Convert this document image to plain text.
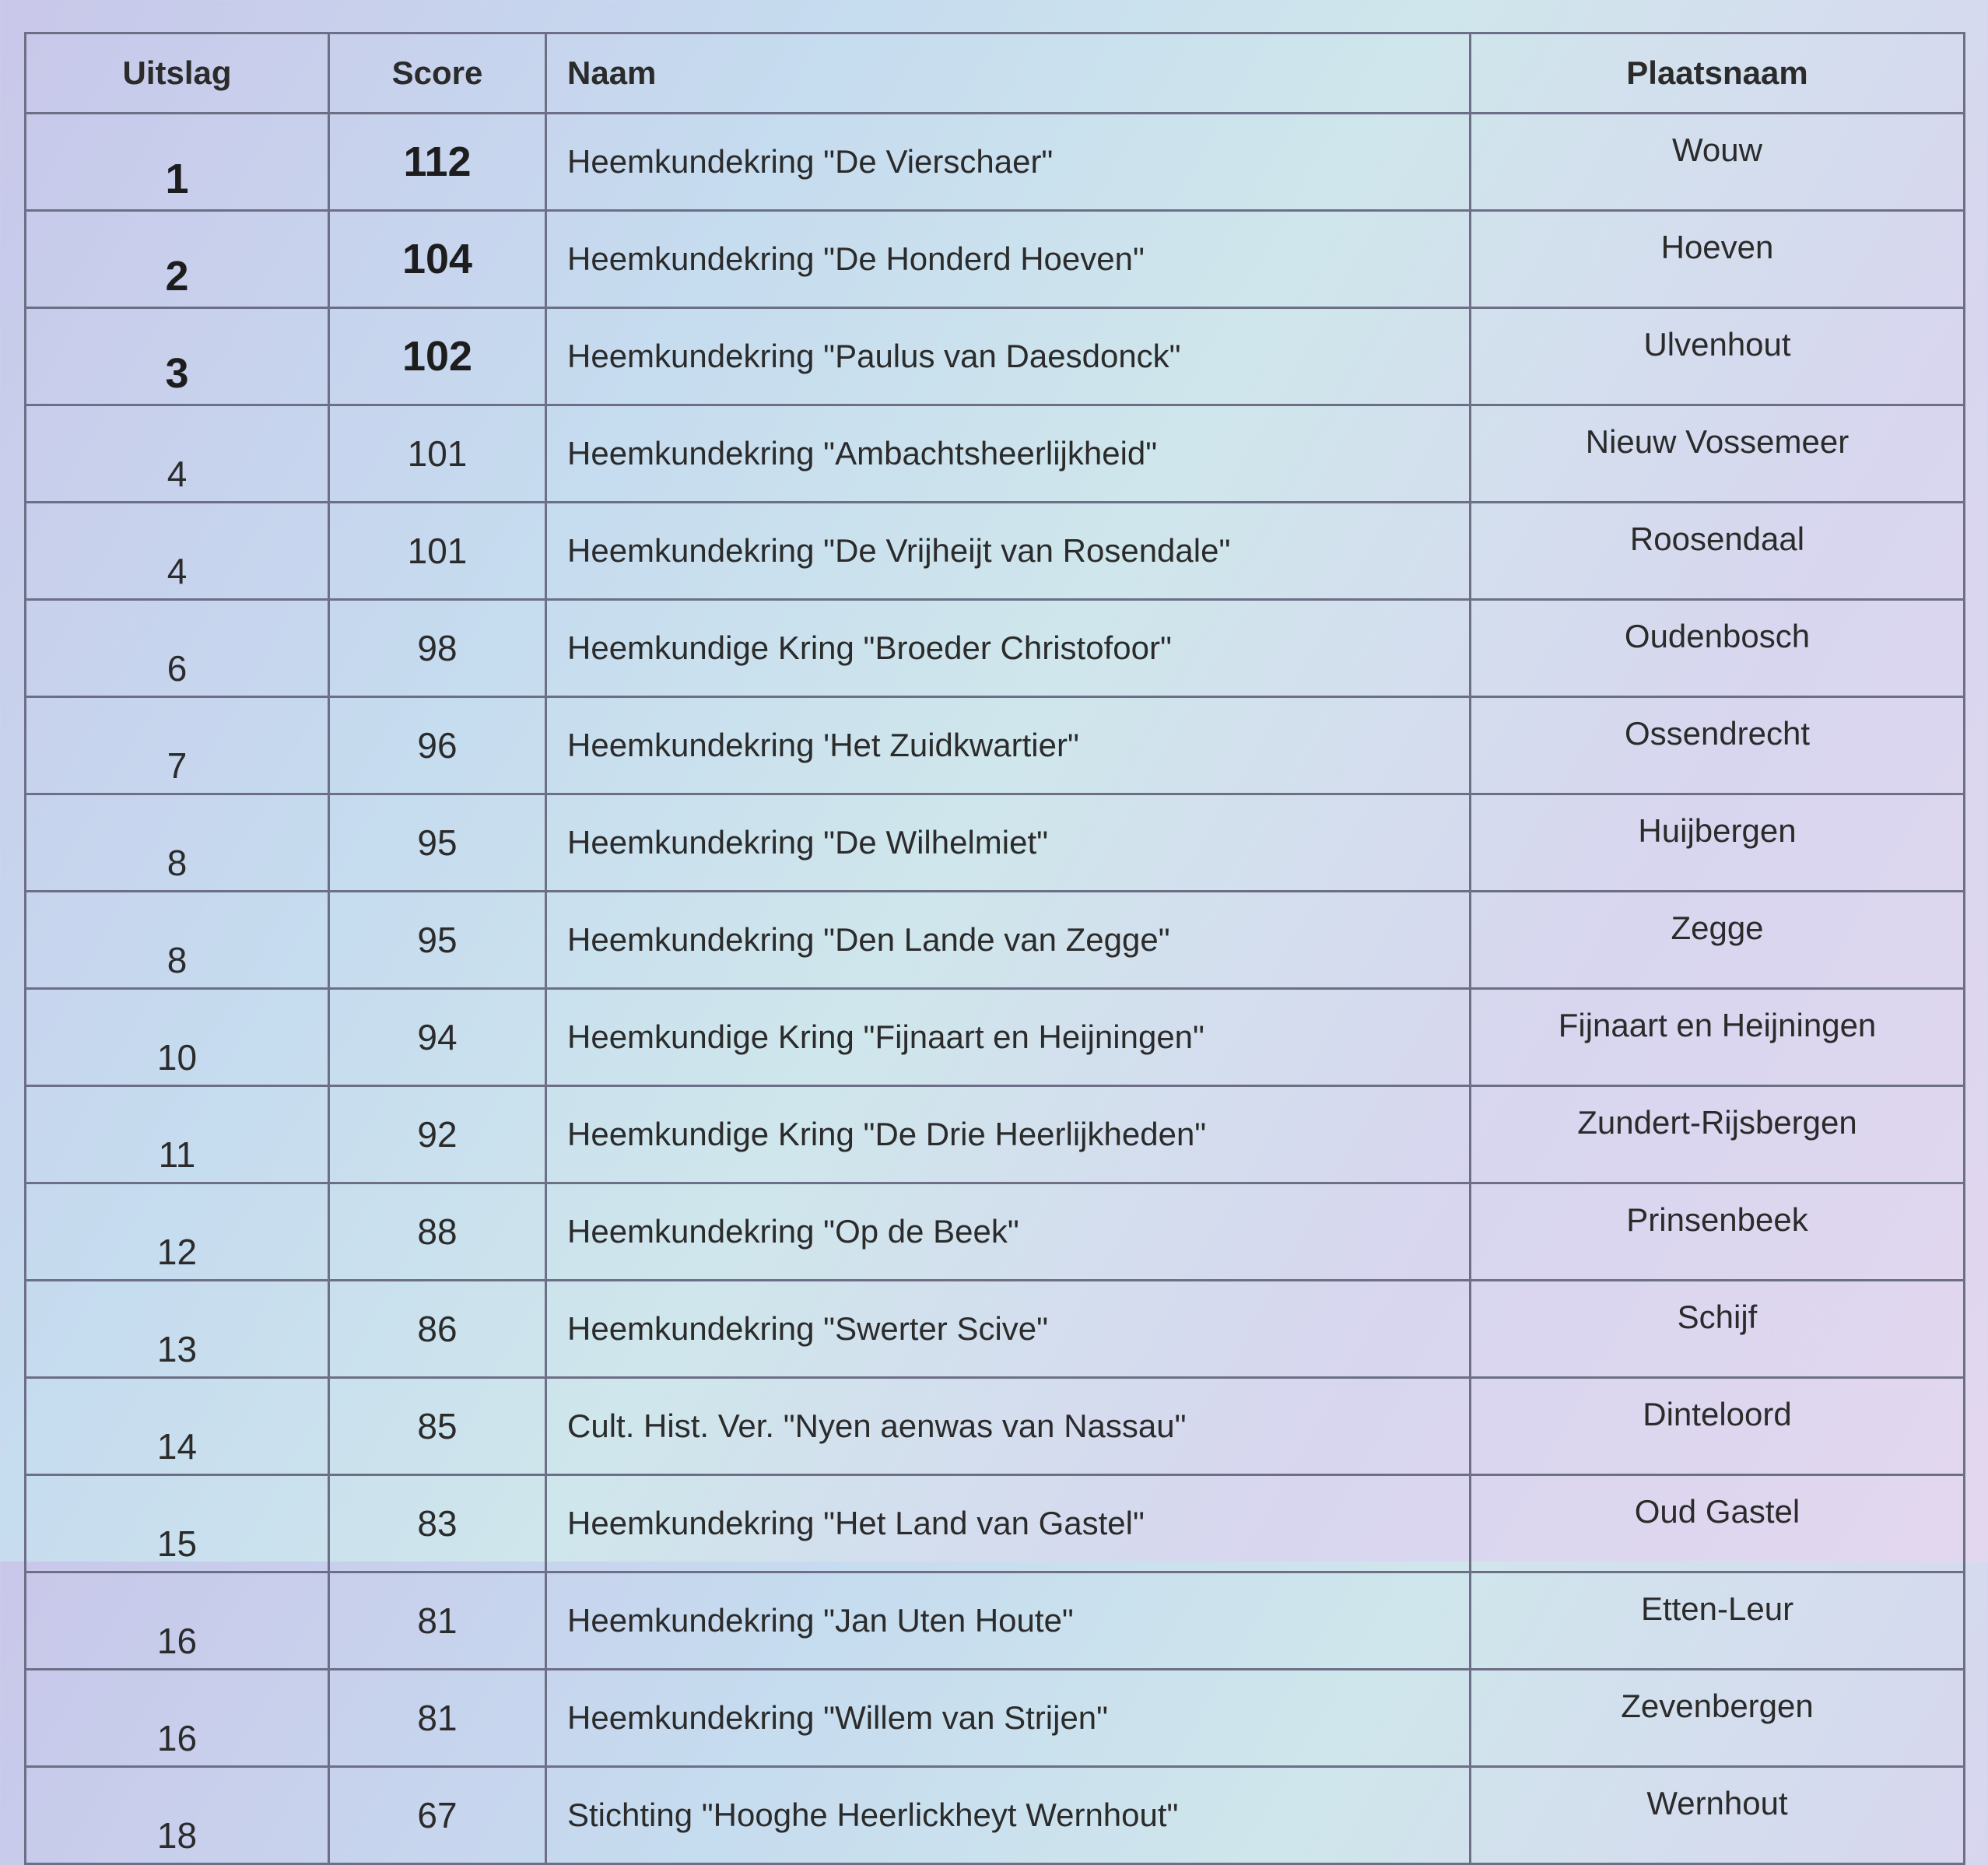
Uitslag	Score	Naam	Plaatsnaam
1	112	Heemkundekring "De Vierschaer"	Wouw
2	104	Heemkundekring "De Honderd Hoeven"	Hoeven
3	102	Heemkundekring "Paulus van Daesdonck"	Ulvenhout
4	101	Heemkundekring "Ambachtsheerlijkheid"	Nieuw Vossemeer
4	101	Heemkundekring "De Vrijheijt van Rosendale"	Roosendaal
6	98	Heemkundige Kring "Broeder Christofoor"	Oudenbosch
7	96	Heemkundekring 'Het Zuidkwartier"	Ossendrecht
8	95	Heemkundekring "De Wilhelmiet"	Huijbergen
8	95	Heemkundekring "Den Lande van Zegge"	Zegge
10	94	Heemkundige Kring "Fijnaart en Heijningen"	Fijnaart en Heijningen
11	92	Heemkundige Kring "De Drie Heerlijkheden"	Zundert-Rijsbergen
12	88	Heemkundekring "Op de Beek"	Prinsenbeek
13	86	Heemkundekring "Swerter Scive"	Schijf
14	85	Cult. Hist. Ver. "Nyen aenwas van Nassau"	Dinteloord
15	83	Heemkundekring "Het Land van Gastel"	Oud Gastel
16	81	Heemkundekring "Jan Uten Houte"	Etten-Leur
16	81	Heemkundekring "Willem van Strijen"	Zevenbergen
18	67	Stichting "Hooghe Heerlickheyt Wernhout"	Wernhout
